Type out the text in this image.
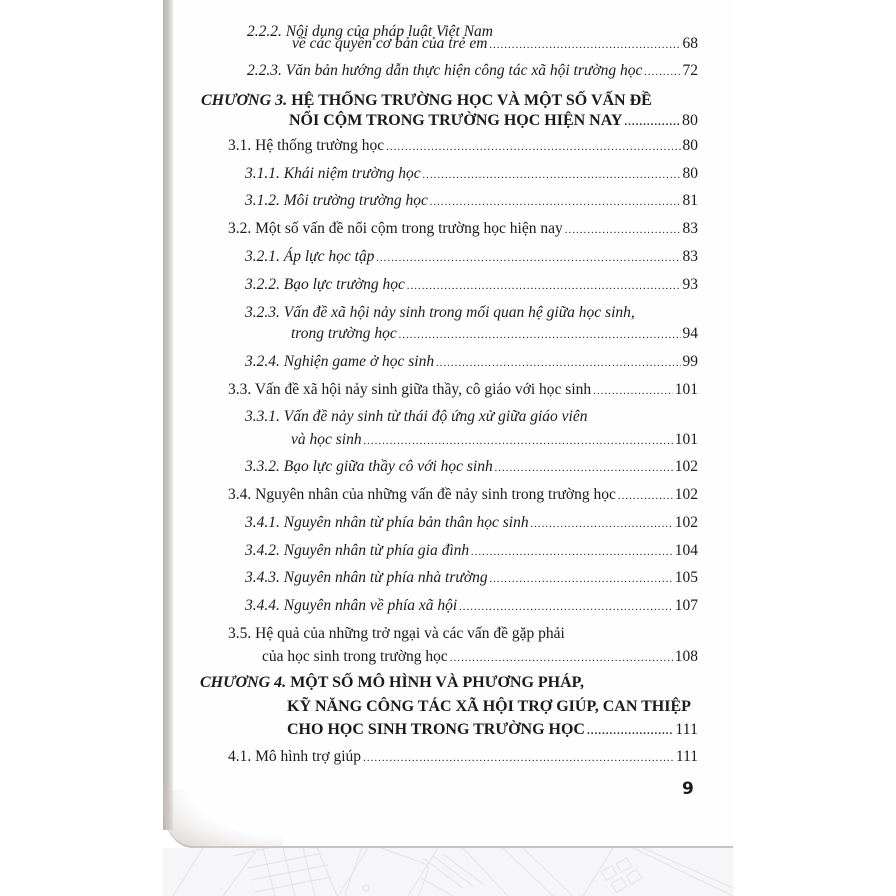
2.2.2. Nội dung của pháp luật Việt Nam
về các quyền cơ bản của trẻ em .....	68
2.2.3. Văn bản hướng dẫn thực hiện công tác xã hội trường học .....	72
CHƯƠNG 3. HỆ THỐNG TRƯỜNG HỌC VÀ MỘT SỐ VẤN ĐỀ
NỔI CỘM TRONG TRƯỜNG HỌC HIỆN NAY .....	80
3.1. Hệ thống trường học .....	80
3.1.1. Khái niệm trường học .....	80
3.1.2. Môi trường trường học .....	81
3.2. Một số vấn đề nổi cộm trong trường học hiện nay .....	83
3.2.1. Áp lực học tập .....	83
3.2.2. Bạo lực trường học .....	93
3.2.3. Vấn đề xã hội nảy sinh trong mối quan hệ giữa học sinh,
trong trường học .....	94
3.2.4. Nghiện game ở học sinh .....	99
3.3. Vấn đề xã hội nảy sinh giữa thầy, cô giáo với học sinh .....	101
3.3.1. Vấn đề nảy sinh từ thái độ ứng xử giữa giáo viên
và học sinh .....	101
3.3.2. Bạo lực giữa thầy cô với học sinh .....	102
3.4. Nguyên nhân của những vấn đề nảy sinh trong trường học .....	102
3.4.1. Nguyên nhân từ phía bản thân học sinh .....	102
3.4.2. Nguyên nhân từ phía gia đình .....	104
3.4.3. Nguyên nhân từ phía nhà trường .....	105
3.4.4. Nguyên nhân về phía xã hội .....	107
3.5. Hệ quả của những trở ngại và các vấn đề gặp phải
của học sinh trong trường học .....	108
CHƯƠNG 4. MỘT SỐ MÔ HÌNH VÀ PHƯƠNG PHÁP,
KỸ NĂNG CÔNG TÁC XÃ HỘI TRỢ GIÚP, CAN THIỆP
CHO HỌC SINH TRONG TRƯỜNG HỌC .....	111
4.1. Mô hình trợ giúp .....	111
9
